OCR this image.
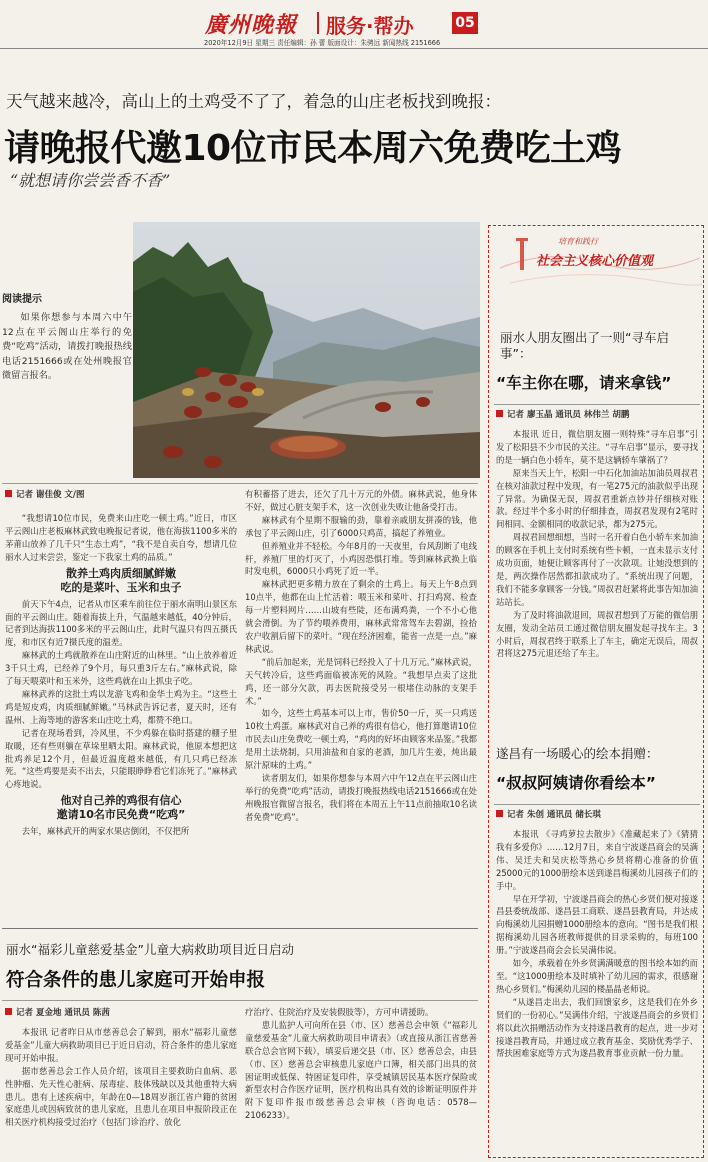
廣州晚報 服务·帮办	05
2020年12月9日 星期三 责任编辑：孙 蕾 版面设计：朱骋远 新闻热线 2151666
天气越来越冷，高山上的土鸡受不了了，着急的山庄老板找到晚报：
请晚报代邀10位市民本周六免费吃土鸡
“就想请你尝尝香不香”
阅读提示

如果你想参与本周六中午12点在平云阁山庄举行的免费“吃鸡”活动，请拨打晚报热线电话2151666或在处州晚报官微留言报名。

记者 谢佳俊 文/图

“我想请10位市民，免费来山庄吃一顿土鸡。”近日，市区平云阁山庄老板麻林武致电晚报记者说，他在海拔1100多米的茅莆山放养了几千只“生态土鸡”，“我不是自卖自夸，想请几位丽水人过来尝尝，鉴定一下我家土鸡的品质。”

散养土鸡肉质细腻鲜嫩
吃的是菜叶、玉米和虫子

前天下午4点，记者从市区乘车前往位于丽水南明山景区东面的平云阁山庄。随着海拔上升，气温越来越低，40分钟后，记者到达海拔1100多米的平云阁山庄，此时气温只有四五摄氏度，和市区有近7摄氏度的温差。

麻林武的土鸡就散养在山庄附近的山林里。“山上放养着近3千只土鸡，已经养了9个月，每只重3斤左右。”麻林武说，除了每天喂菜叶和玉米外，这些鸡就在山上抓虫子吃。

麻林武养的这批土鸡以龙游飞鸡和金华土鸡为主。“这些土鸡是短皮鸡，肉质细腻鲜嫩。”马林武告诉记者，夏天时，还有温州、上海等地的游客来山庄吃土鸡，都赞不绝口。

记者在现场看到，冷风里，不少鸡躲在临时搭建的棚子里取暖，还有些则躺在草垛里晒太阳。麻林武说，他原本想把这批鸡养足12个月，但最近温度越来越低，有几只鸡已经冻死。“这些鸡要是卖不出去，只能眼睁睁看它们冻死了。”麻林武心疼地说。

他对自己养的鸡很有信心
邀请10名市民免费“吃鸡”

去年，麻林武开的两家水果店倒闭，不仅把所

有积蓄搭了进去，还欠了几十万元的外债。麻林武说，他身体不好，做过心脏支架手术，这一次创业失败让他备受打击。

麻林武有个星期不服输的劲，靠着亲戚朋友拼凑的钱，他承包了平云阁山庄，引了6000只鸡苗，搞起了养殖业。

但养殖业并不轻松。今年8月的一天夜里，台风刮断了电线杆，养殖厂里的灯灭了，小鸡因恐惧打堆。等到麻林武换上临时发电机，6000只小鸡死了近一半。

麻林武把更多精力放在了剩余的土鸡上。每天上午8点到10点半，他都在山上忙活着：喂玉米和菜叶、打扫鸡窝、检查每一片塑料网片……山坡有些陡，还布满鸡粪，一个不小心他就会滑倒。为了节约喂养费用，麻林武常常驾车去碧湖，捡拾农户收割后留下的菜叶。“现在经济困难，能省一点是一点。”麻林武说。

“前后加起来，光是饲料已经投入了十几万元。”麻林武说，天气转冷后，这些鸡面临被冻死的风险。“我想早点卖了这批鸡，还一部分欠款，再去医院接受另一根堵住动脉的支架手术。”

如今，这些土鸡基本可以上市，售价50一斤，买一只鸡送10枚土鸡蛋。麻林武对自己养的鸡很有信心，他打算邀请10位市民去山庄免费吃一顿土鸡，“鸡肉的好坏由顾客来品鉴。”我都是用土法烧制，只用油盐和自家的老酒，加几片生姜，炖出最原汁原味的土鸡。”

读者朋友们，如果你想参与本周六中午12点在平云阁山庄举行的免费“吃鸡”活动，请拨打晚报热线电话2151666或在处州晚报官微留言报名，我们将在本周五上午11点前抽取10名读者免费“吃鸡”。

培育和践行
社会主义核心价值观
丽水人朋友圈出了一则“寻车启事”：
“车主你在哪，请来拿钱”
记者 廖玉晶 通讯员 林伟兰 胡鹏

本报讯 近日，微信朋友圈一则特殊“寻车启事”引发了松阳县不少市民的关注。“寻车启事”显示，要寻找的是一辆白色小轿车，莫不是这辆轿车肇祸了？

原来当天上午，松阳一中石化加油站加油员周叔君在核对油款过程中发现，有一笔275元的油款似乎出现了异常。为确保无误，周叔君重新点钞并仔细核对账款。经过半个多小时的仔细排查，周叔君发现有2笔时间相同、金额相同的收款记录，都为275元。

周叔君回想细想，当时一名开着白色小轿车来加油的顾客在手机上支付时系统有些卡顿，一直未显示支付成功页面，她便让顾客再付了一次款项。让她没想到的是，两次操作居然都扣款成功了。“系统出现了问题，我们不能多拿顾客一分钱。”周叔君赶紧将此事告知加油站站长。

为了及时将油款退回，周叔君想到了万能的微信朋友圈，发动全站员工通过微信朋友圈发起寻找车主。3小时后，周叔君终于联系上了车主，确定无误后，周叔君将这275元退还给了车主。

遂昌有一场暖心的绘本捐赠：
“叔叔阿姨请你看绘本”
记者 朱创 通讯员 储长琪

本报讯 《寻鸡萝拉去散步》《准藏起来了》《猜猜我有多爱你》……12月7日，来自宁波遂昌商会的吴满伟、吴迁夫和吴庆松等热心乡贤将精心准备的价值25000元的1000册绘本送到遂昌梅溪幼儿园孩子们的手中。

早在开学初，宁波遂昌商会的热心乡贤们便对接遂昌县委统战部、遂昌县工商联、遂昌县教育局，并达成向梅溪幼儿园捐赠1000册绘本的意向。“图书是我们根据梅溪幼儿园各班教师提供的目录采购的，每班100册。”宁波遂昌商会会长吴满伟说。

如今，承载着在外乡贤满满暖意的图书绘本如约而至。“这1000册绘本及时填补了幼儿园的需求，很感谢热心乡贤们。”梅溪幼儿园的楼晶晶老师说。

“从遂昌走出去，我们回馈家乡，这是我们在外乡贤们的一份初心。”吴满伟介绍，宁波遂昌商会的乡贤们将以此次捐赠活动作为支持遂昌教育的起点，进一步对接遂昌教育局，并通过成立教育基金、奖励优秀学子、帮扶困难家庭等方式为遂昌教育事业贡献一份力量。

丽水“福彩儿童慈爱基金”儿童大病救助项目近日启动
符合条件的患儿家庭可开始申报
记者 夏金地 通讯员 陈茜

本报讯 记者昨日从市慈善总会了解到，丽水“福彩儿童慈爱基金”儿童大病救助项目已于近日启动，符合条件的患儿家庭现可开始申报。

据市慈善总会工作人员介绍，该项目主要救助白血病、恶性肿瘤、先天性心脏病、尿毒症、肢体残缺以及其他重特大病患儿。患有上述疾病中，年龄在0—18周岁浙江省户籍的贫困家庭患儿或因病致贫的患儿家庭，且患儿在项目申报阶段正在相关医疗机构接受过治疗（包括门诊治疗、放化

疗治疗、住院治疗及安装假肢等），方可申请援助。

患儿监护人可向所在县（市、区）慈善总会申领《“福彩儿童慈爱基金”儿童大病救助项目申请表》（或直接从浙江省慈善联合总会官网下载），填妥后递交县（市、区）慈善总会，由县（市、区）慈善总会审核患儿家庭户口簿，相关部门出具的贫困证明或低保、特困证复印件，享受城镇居民基本医疗保险或新型农村合作医疗证明，医疗机构出具有效的诊断证明原件并附下复印件报市级慈善总会审核（咨询电话：0578—2106233）。
